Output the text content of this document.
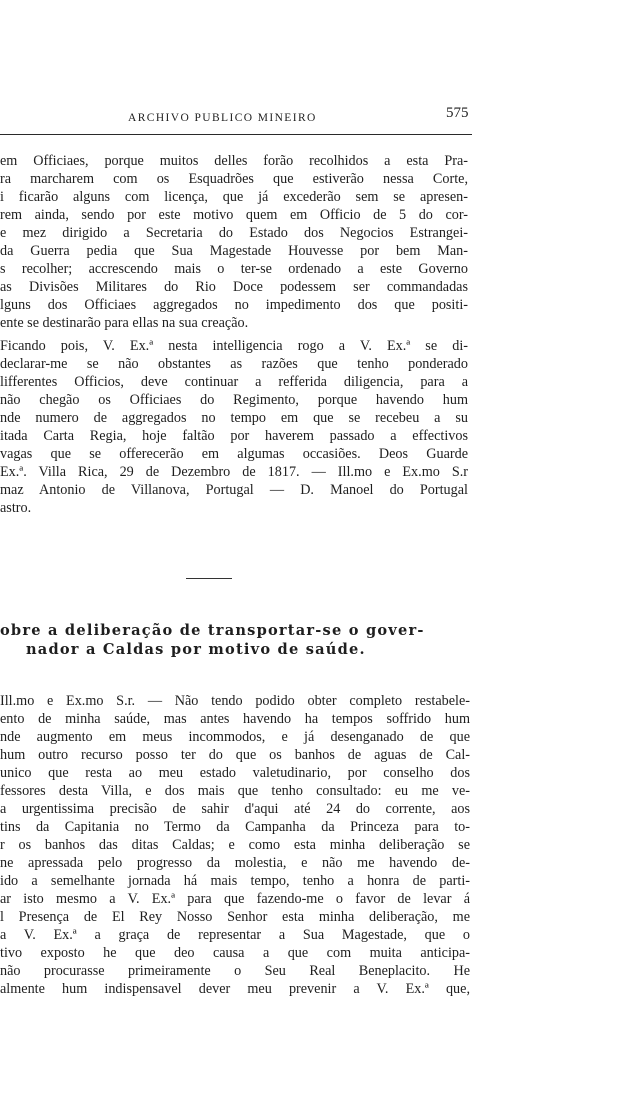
ARCHIVO PUBLICO MINEIRO	575
em Officiaes, porque muitos delles forão recolhidos a esta Pra-
ra marcharem com os Esquadrões que estiverão nessa Corte,
i ficarão alguns com licença, que já excederão sem se apresen-
rem ainda, sendo por este motivo quem em Officio de 5 do cor-
e mez dirigido a Secretaria do Estado dos Negocios Estrangei-
da Guerra pedia que Sua Magestade Houvesse por bem Man-
s recolher; accrescendo mais o ter-se ordenado a este Governo
as Divisões Militares do Rio Doce podessem ser commandadas
lguns dos Officiaes aggregados no impedimento dos que positi-
ente se destinarão para ellas na sua creação.
Ficando pois, V. Ex.ª nesta intelligencia rogo a V. Ex.ª se di-
declarar-me se não obstantes as razões que tenho ponderado
lifferentes Officios, deve continuar a refferida diligencia, para a
não chegão os Officiaes do Regimento, porque havendo hum
nde numero de aggregados no tempo em que se recebeu a su
itada Carta Regia, hoje faltão por haverem passado a effectivos
vagas que se offerecerão em algumas occasiões. Deos Guarde
Ex.ª. Villa Rica, 29 de Dezembro de 1817. — Ill.mo e Ex.mo S.r
maz Antonio de Villanova, Portugal — D. Manoel do Portugal
astro.
obre a deliberação de transportar-se o gover-
nador a Caldas por motivo de saúde.
Ill.mo e Ex.mo S.r. — Não tendo podido obter completo restabele-
ento de minha saúde, mas antes havendo ha tempos soffrido hum
nde augmento em meus incommodos, e já desenganado de que
hum outro recurso posso ter do que os banhos de aguas de Cal-
unico que resta ao meu estado valetudinario, por conselho dos
fessores desta Villa, e dos mais que tenho consultado: eu me ve-
a urgentissima precisão de sahir d'aqui até 24 do corrente, aos
tins da Capitania no Termo da Campanha da Princeza para to-
r os banhos das ditas Caldas; e como esta minha deliberação se
ne apressada pelo progresso da molestia, e não me havendo de-
ido a semelhante jornada há mais tempo, tenho a honra de parti-
ar isto mesmo a V. Ex.ª para que fazendo-me o favor de levar á
l Presença de El Rey Nosso Senhor esta minha deliberação, me
a V. Ex.ª a graça de representar a Sua Magestade, que o
tivo exposto he que deo causa a que com muita anticipa-
não procurasse primeiramente o Seu Real Beneplacito. He
almente hum indispensavel dever meu prevenir a V. Ex.ª que,
